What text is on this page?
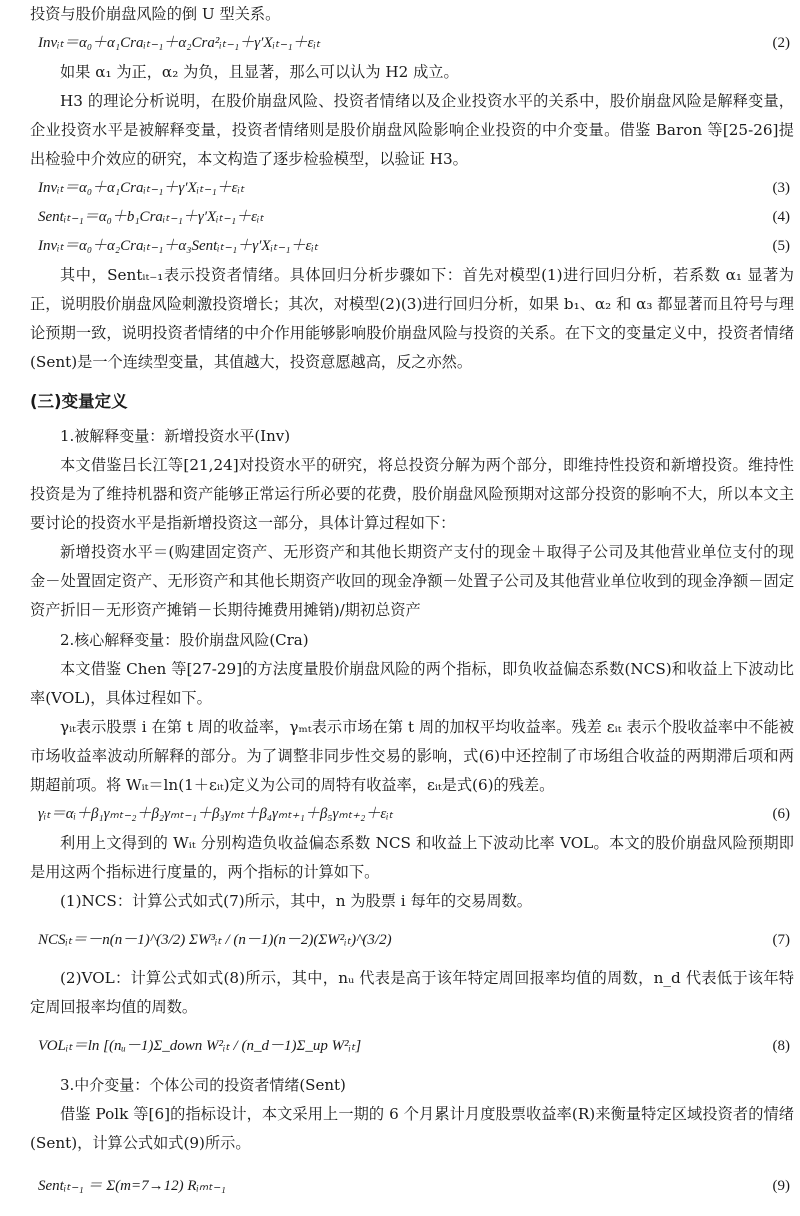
投资与股价崩盘风险的倒 U 型关系。

Invᵢₜ＝α₀＋α₁Craᵢₜ₋₁＋α₂Cra²ᵢₜ₋₁＋γ′Xᵢₜ₋₁＋εᵢₜ	(2)

如果 α₁ 为正，α₂ 为负，且显著，那么可以认为 H2 成立。

H3 的理论分析说明，在股价崩盘风险、投资者情绪以及企业投资水平的关系中，股价崩盘风险是解释变量，企业投资水平是被解释变量，投资者情绪则是股价崩盘风险影响企业投资的中介变量。借鉴 Baron 等[25-26]提出检验中介效应的研究，本文构造了逐步检验模型，以验证 H3。

Invᵢₜ＝α₀＋α₁Craᵢₜ₋₁＋γ′Xᵢₜ₋₁＋εᵢₜ	(3)
Sentᵢₜ₋₁＝α₀＋b₁Craᵢₜ₋₁＋γ′Xᵢₜ₋₁＋εᵢₜ	(4)
Invᵢₜ＝α₀＋α₂Craᵢₜ₋₁＋α₃Sentᵢₜ₋₁＋γ′Xᵢₜ₋₁＋εᵢₜ	(5)

其中，Sentᵢₜ₋₁表示投资者情绪。具体回归分析步骤如下：首先对模型(1)进行回归分析，若系数 α₁ 显著为正，说明股价崩盘风险刺激投资增长；其次，对模型(2)(3)进行回归分析，如果 b₁、α₂ 和 α₃ 都显著而且符号与理论预期一致，说明投资者情绪的中介作用能够影响股价崩盘风险与投资的关系。在下文的变量定义中，投资者情绪(Sent)是一个连续型变量，其值越大，投资意愿越高，反之亦然。

(三)变量定义

1.被解释变量：新增投资水平(Inv)

本文借鉴吕长江等[21,24]对投资水平的研究，将总投资分解为两个部分，即维持性投资和新增投资。维持性投资是为了维持机器和资产能够正常运行所必要的花费，股价崩盘风险预期对这部分投资的影响不大，所以本文主要讨论的投资水平是指新增投资这一部分，具体计算过程如下：

新增投资水平＝(购建固定资产、无形资产和其他长期资产支付的现金＋取得子公司及其他营业单位支付的现金－处置固定资产、无形资产和其他长期资产收回的现金净额－处置子公司及其他营业单位收到的现金净额－固定资产折旧－无形资产摊销－长期待摊费用摊销)/期初总资产

2.核心解释变量：股价崩盘风险(Cra)

本文借鉴 Chen 等[27-29]的方法度量股价崩盘风险的两个指标，即负收益偏态系数(NCS)和收益上下波动比率(VOL)，具体过程如下。

γᵢₜ表示股票 i 在第 t 周的收益率，γₘₜ表示市场在第 t 周的加权平均收益率。残差 εᵢₜ 表示个股收益率中不能被市场收益率波动所解释的部分。为了调整非同步性交易的影响，式(6)中还控制了市场组合收益的两期滞后项和两期超前项。将 Wᵢₜ＝ln(1＋εᵢₜ)定义为公司的周特有收益率，εᵢₜ是式(6)的残差。

γᵢₜ＝αᵢ＋β₁γₘₜ₋₂＋β₂γₘₜ₋₁＋β₃γₘₜ＋β₄γₘₜ₊₁＋β₅γₘₜ₊₂＋εᵢₜ	(6)

利用上文得到的 Wᵢₜ 分别构造负收益偏态系数 NCS 和收益上下波动比率 VOL。本文的股价崩盘风险预期即是用这两个指标进行度量的，两个指标的计算如下。

(1)NCS：计算公式如式(7)所示，其中，n 为股票 i 每年的交易周数。

NCSᵢₜ＝－n(n－1)^(3/2) ΣW³ᵢₜ / (n－1)(n－2)(ΣW²ᵢₜ)^(3/2)	(7)

(2)VOL：计算公式如式(8)所示，其中，nᵤ 代表是高于该年特定周回报率均值的周数，n_d 代表低于该年特定周回报率均值的周数。

VOLᵢₜ＝ln [(nᵤ－1)Σ_down W²ᵢₜ / (n_d－1)Σ_up W²ᵢₜ]	(8)

3.中介变量：个体公司的投资者情绪(Sent)

借鉴 Polk 等[6]的指标设计，本文采用上一期的 6 个月累计月度股票收益率(R)来衡量特定区域投资者的情绪(Sent)，计算公式如式(9)所示。

Sentᵢₜ₋₁ ＝ Σ(m=7→12) Rᵢₘₜ₋₁	(9)
